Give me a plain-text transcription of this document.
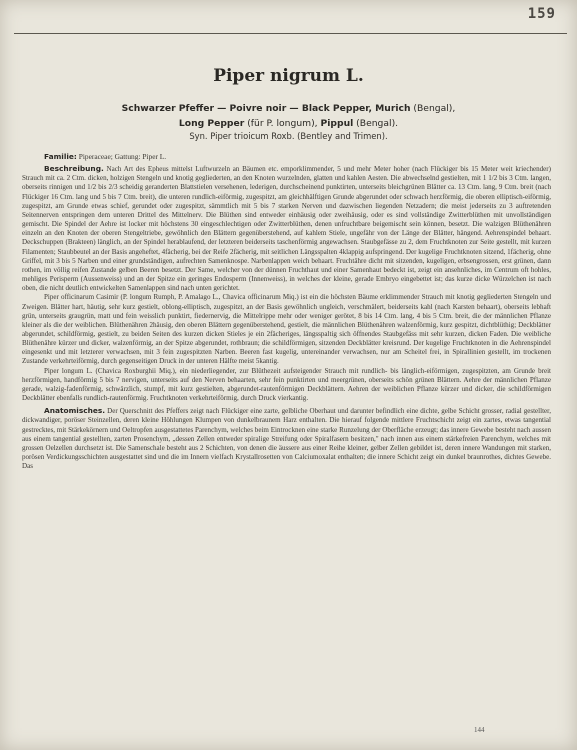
159
Piper nigrum L.
Schwarzer Pfeffer — Poivre noir — Black Pepper, Murich (Bengal),
Long Pepper (für P. longum), Pippul (Bengal).
Syn. Piper trioicum Roxb. (Bentley and Trimen).

Familie: Piperaceae; Gattung: Piper L.

Beschreibung. Nach Art des Epheus mittelst Luftwurzeln an Bäumen etc. emporklimmender, 5 und mehr Meter hoher (nach Flückiger bis 15 Meter weit kriechender) Strauch mit ca. 2 Ctm. dicken, holzigen Stengeln und knotig gegliederten, an den Knoten wurzelnden, glatten und kahlen Aesten. Die abwechselnd gestielten, mit 1 1/2 bis 3 Ctm. langen, oberseits rinnigen und 1/2 bis 2/3 scheidig geranderten Blattstielen versehenen, lederigen, durchscheinend punktirten, unterseits bleichgrünen Blätter ca. 13 Ctm. lang, 9 Ctm. breit (nach Flückiger 16 Ctm. lang und 5 bis 7 Ctm. breit), die unteren rundlich-eiförmig, zugespitzt, am gleichhälftigen Grunde abgerundet oder schwach herzförmig, die oberen elliptisch-eiförmig, zugespitzt, am Grunde etwas schief, gerundet oder zugespitzt, sämmtlich mit 5 bis 7 starken Nerven und dazwischen liegenden Netzadern; die meist jederseits zu 3 auftretenden Seitennerven entspringen dem unteren Drittel des Mittelnerv. Die Blüthen sind entweder einhäusig oder zweihäusig, oder es sind vollständige Zwitterblüthen mit unvollständigen gemischt. Die Spindel der Aehre ist locker mit höchstens 30 eingeschlechtigen oder Zwitterblüthen, denen unfruchtbare beigemischt sein können, besetzt. Die walzigen Blüthenähren einzeln an den Knoten der oberen Stengeltriebe, gewöhnlich den Blättern gegenüberstehend, auf kahlem Stiele, ungefähr von der Länge der Blätter, hängend. Aehrenspindel behaart. Deckschuppen (Brakteen) länglich, an der Spindel herablaufend, der letzteren beiderseits taschenförmig angewachsen. Staubgefässe zu 2, dem Fruchtknoten zur Seite gestellt, mit kurzen Filamenten; Staubbeutel an der Basis angeheftet, 4fächerig, bei der Reife 2fächerig, mit seitlichen Längsspalten 4klappig aufspringend. Der kugelige Fruchtknoten sitzend, 1fächerig, ohne Griffel, mit 3 bis 5 Narben und einer grundständigen, aufrechten Samenknospe. Narbenlappen weich behaart. Fruchtähre dicht mit sitzenden, kugeligen, erbsengrossen, erst grünen, dann rothen, im völlig reifen Zustande gelben Beeren besetzt. Der Same, welcher von der dünnen Fruchthaut und einer Samenhaut bedeckt ist, zeigt ein ansehnliches, im Centrum oft hohles, mehliges Perisperm (Aussenweiss) und an der Spitze ein geringes Endosperm (Innenweiss), in welches der kleine, gerade Embryo eingebettet ist; das kurze dicke Würzelchen ist nach oben, die nicht deutlich entwickelten Samenlappen sind nach unten gerichtet.

Piper officinarum Casimir (P. longum Rumph, P. Amalago L., Chavica officinarum Miq.) ist ein die höchsten Bäume erklimmender Strauch mit knotig gegliederten Stengeln und Zweigen. Blätter hart, häutig, sehr kurz gestielt, oblong-elliptisch, zugespitzt, an der Basis gewöhnlich ungleich, verschmälert, beiderseits kahl (nach Karsten behaart), oberseits lebhaft grün, unterseits graugrün, matt und fein weisslich punktirt, fiedernervig, die Mittelrippe mehr oder weniger gerötet, 8 bis 14 Ctm. lang, 4 bis 5 Ctm. breit, die der männlichen Pflanze kleiner als die der weiblichen. Blüthenähren 2häusig, den oberen Blättern gegenüberstehend, gestielt, die männlichen Blüthenähren walzenförmig, kurz gespitzt, dichtblüthig; Deckblätter abgerundet, schildförmig, gestielt, zu beiden Seiten des kurzen dicken Stieles je ein 2fächeriges, längsspaltig sich öffnendes Staubgefäss mit sehr kurzen, dicken Faden. Die weibliche Blüthenähre kürzer und dicker, walzenförmig, an der Spitze abgerundet, rothbraun; die schildförmigen, sitzenden Deckblätter kreisrund. Der kugelige Fruchtknoten in die Aehrenspindel eingesenkt und mit letzterer verwachsen, mit 3 fein zugespitzten Narben. Beeren fast kugelig, untereinander verwachsen, nur am Scheitel frei, in Spirallinien gestellt, im trockenen Zustande verkehrteiförmig, durch gegenseitigen Druck in der unteren Hälfte meist 5kantig.

Piper longum L. (Chavica Roxburghii Miq.), ein niederliegender, zur Blüthezeit aufsteigender Strauch mit rundlich- bis länglich-eiförmigen, zugespitzten, am Grunde breit herzförmigen, handförmig 5 bis 7 nervigen, unterseits auf den Nerven behaarten, sehr fein punktirten und meergrünen, oberseits schön grünen Blättern. Aehre der männlichen Pflanze gerade, walzig-fadenförmig, schwärzlich, stumpf, mit kurz gestielten, abgerundet-rautenförmigen Deckblättern. Aehren der weiblichen Pflanze kürzer und dicker, die schildförmigen Deckblätter ebenfalls rundlich-rautenförmig. Fruchtknoten verkehrteiförmig, durch Druck vierkantig.

Anatomisches. Der Querschnitt des Pfeffers zeigt nach Flückiger eine zarte, gelbliche Oberhaut und darunter befindlich eine dichte, gelbe Schicht grosser, radial gestellter, dickwandiger, poröser Steinzellen, deren kleine Höhlungen Klumpen von dunkelbraunem Harz enthalten. Die hierauf folgende mittlere Fruchtschicht zeigt ein zartes, etwas tangential gestrecktes, mit Stärkekörnern und Oeltropfen ausgestattetes Parenchym, welches beim Eintrocknen eine starke Runzelung der Oberfläche erzeugt; das innere Gewebe besteht nach aussen aus einem tangential gestellten, zarten Prosenchym, „dessen Zellen entweder spiralige Streifung oder Spiralfasern besitzen," nach innen aus einem stärkefreien Parenchym, welches mit grossen Oelzellen durchsetzt ist. Die Samenschale besteht aus 2 Schichten, von denen die äussere aus einer Reihe kleiner, gelber Zellen gebildet ist, deren innere Wandungen mit starken, porösen Verdickungsschichten ausgestattet sind und die im Innern vielfach Krystallrosetten von Calciumoxalat enthalten; die innere Schicht zeigt ein dunkel braunrothes, dichtes Gewebe. Das

144
